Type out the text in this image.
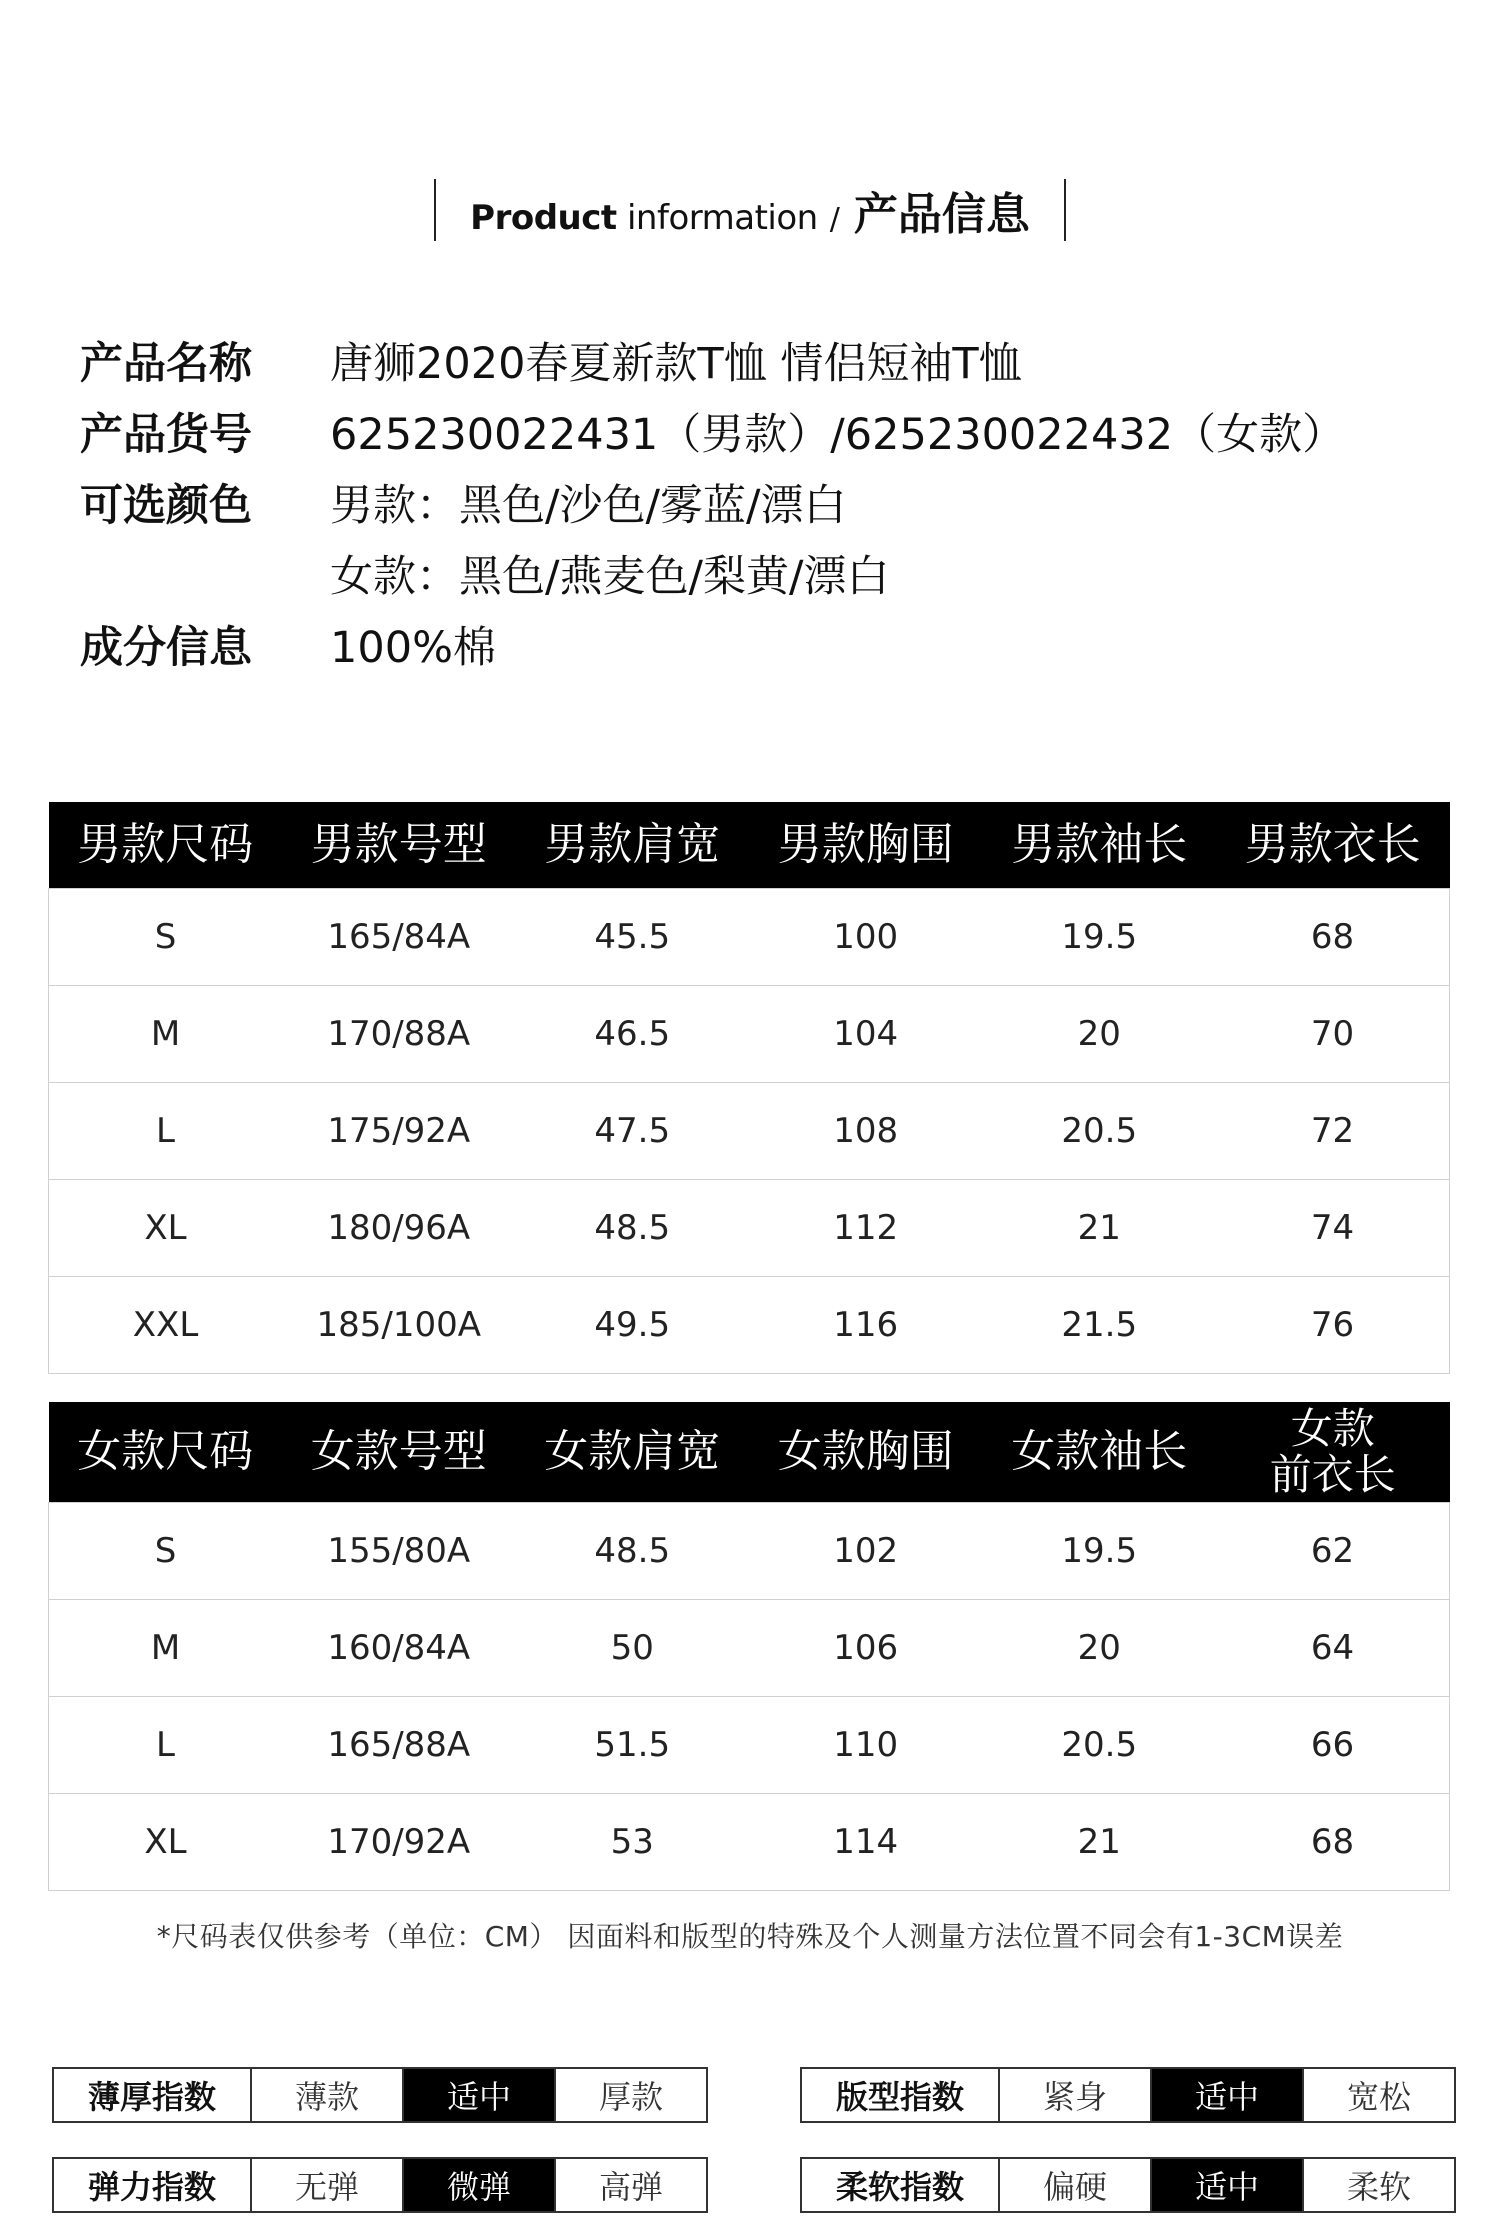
Product information / 产品信息
产品名称	唐狮2020春夏新款T恤 情侣短袖T恤
产品货号	625230022431（男款）/625230022432（女款）
可选颜色	男款：黑色/沙色/雾蓝/漂白
女款：黑色/燕麦色/梨黄/漂白
成分信息	100%棉
男款尺码	男款号型	男款肩宽	男款胸围	男款袖长	男款衣长
S	165/84A	45.5	100	19.5	68
M	170/88A	46.5	104	20	70
L	175/92A	47.5	108	20.5	72
XL	180/96A	48.5	112	21	74
XXL	185/100A	49.5	116	21.5	76
女款尺码	女款号型	女款肩宽	女款胸围	女款袖长	女款
前衣长

S	155/80A	48.5	102	19.5	62
M	160/84A	50	106	20	64
L	165/88A	51.5	110	20.5	66
XL	170/92A	53	114	21	68
*尺码表仅供参考（单位：CM） 因面料和版型的特殊及个人测量方法位置不同会有1-3CM误差
薄厚指数	薄款	适中	厚款	版型指数	紧身	适中	宽松
弹力指数	无弹	微弹	高弹	柔软指数	偏硬	适中	柔软
